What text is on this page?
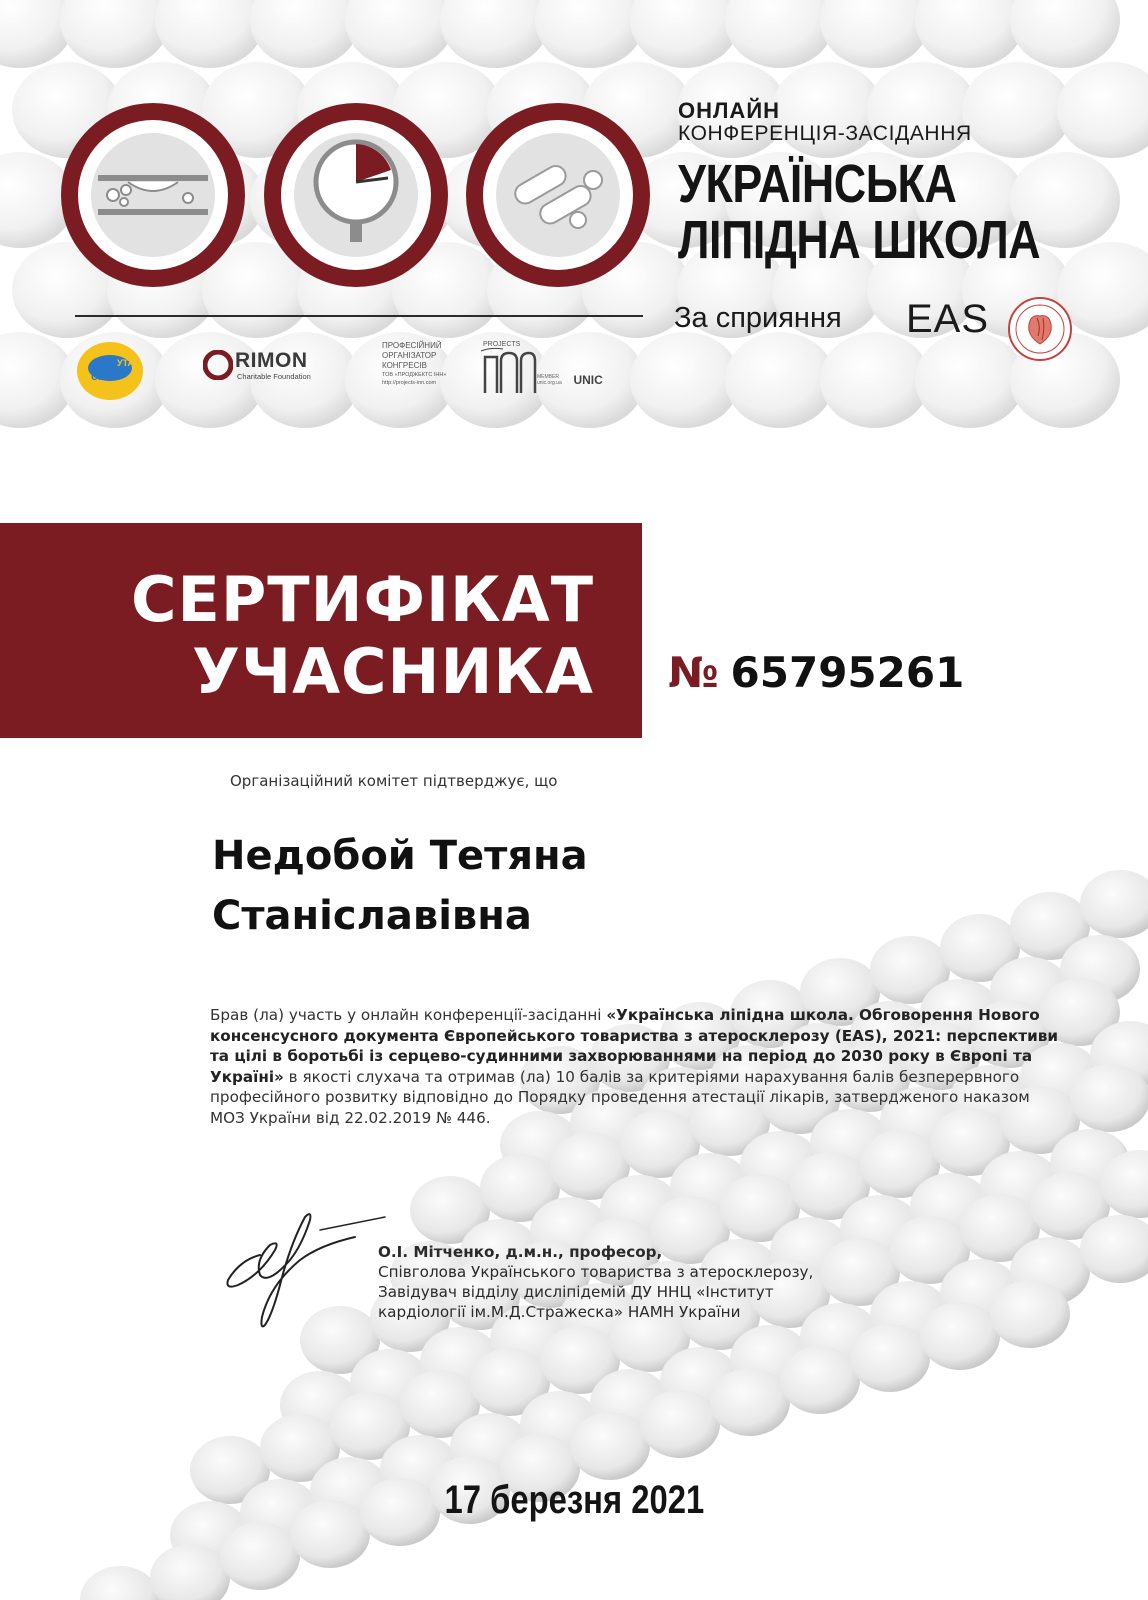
УТА
UAS
RIMON
Charitable Foundation
ПРОФЕСІЙНИЙ
ОРГАНІЗАТОР
КОНГРЕСІВ
ТОВ «ПРОДЖЕКТС ІНН»
http://projects-inn.com
PROJECTS
MEMBER
unic.org.ua UNIC
ОНЛАЙН
КОНФЕРЕНЦІЯ-ЗАСІДАННЯ
УКРАЇНСЬКА
ЛІПІДНА ШКОЛА
За сприяння EAS
СЕРТИФІКАТ
УЧАСНИКА № 65795261
Організаційний комітет підтверджує, що
Недобой Тетяна
Станіславівна
Брав (ла) участь у онлайн конференції-засіданні «Українська ліпідна школа. Обговорення Нового консенсусного документа Європейського товариства з атеросклерозу (EAS), 2021: перспективи та цілі в боротьбі із серцево-судинними захворюваннями на період до 2030 року в Європі та Україні» в якості слухача та отримав (ла) 10 балів за критеріями нарахування балів безперервного професійного розвитку відповідно до Порядку проведення атестації лікарів, затвердженого наказом МОЗ України від 22.02.2019 № 446.
О.І. Мітченко, д.м.н., професор,
Співголова Українського товариства з атеросклерозу,
Завідувач відділу дисліпідемій ДУ ННЦ «Інститут
кардіології ім.М.Д.Стражеска» НАМН України
17 березня 2021
